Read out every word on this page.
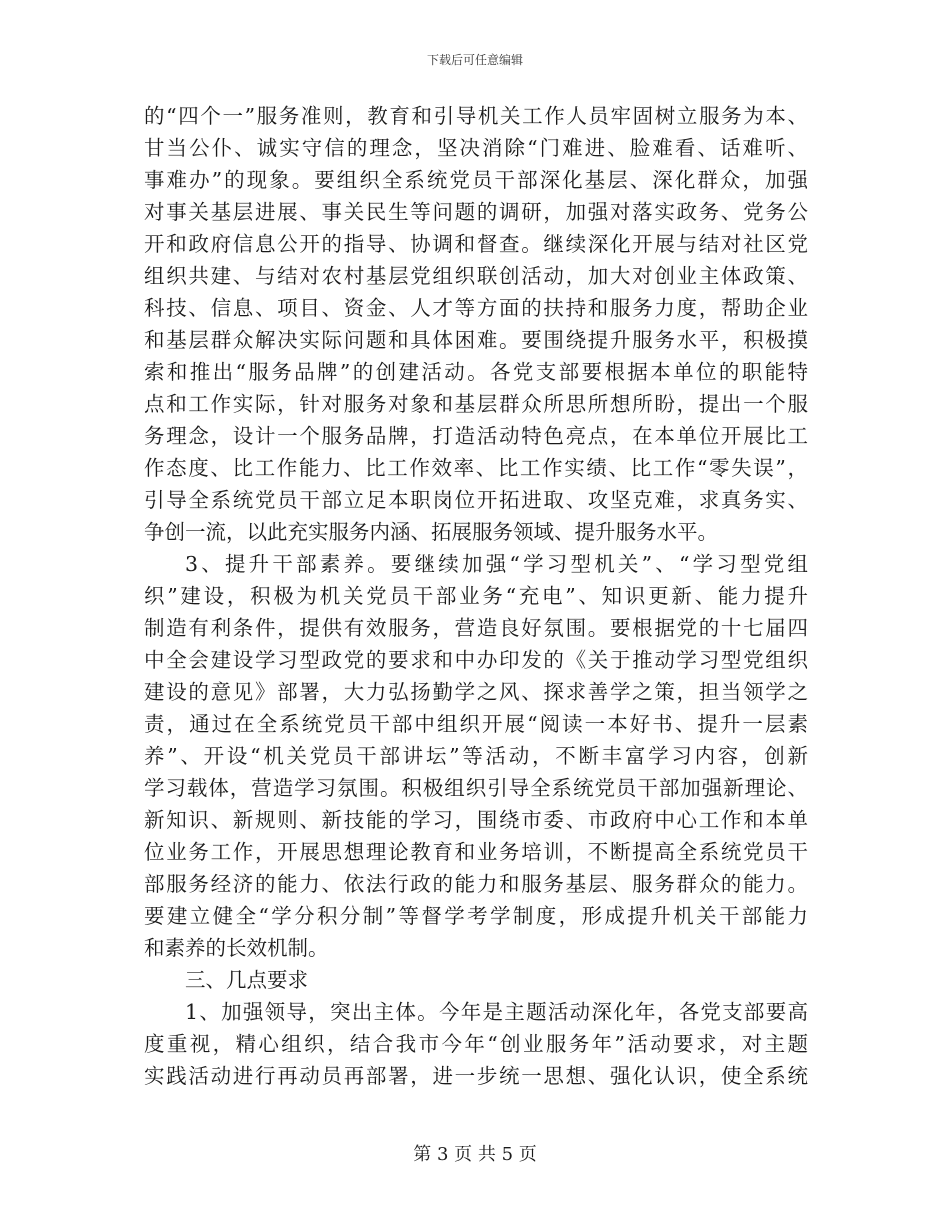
下载后可任意编辑
的“四个一”服务准则，教育和引导机关工作人员牢固树立服务为本、
甘当公仆、诚实守信的理念，坚决消除“门难进、脸难看、话难听、
事难办”的现象。要组织全系统党员干部深化基层、深化群众，加强
对事关基层进展、事关民生等问题的调研，加强对落实政务、党务公
开和政府信息公开的指导、协调和督查。继续深化开展与结对社区党
组织共建、与结对农村基层党组织联创活动，加大对创业主体政策、
科技、信息、项目、资金、人才等方面的扶持和服务力度，帮助企业
和基层群众解决实际问题和具体困难。要围绕提升服务水平，积极摸
索和推出“服务品牌”的创建活动。各党支部要根据本单位的职能特
点和工作实际，针对服务对象和基层群众所思所想所盼，提出一个服
务理念，设计一个服务品牌，打造活动特色亮点，在本单位开展比工
作态度、比工作能力、比工作效率、比工作实绩、比工作“零失误”，
引导全系统党员干部立足本职岗位开拓进取、攻坚克难，求真务实、
争创一流，以此充实服务内涵、拓展服务领域、提升服务水平。
3、提升干部素养。要继续加强“学习型机关”、“学习型党组
织”建设，积极为机关党员干部业务“充电”、知识更新、能力提升
制造有利条件，提供有效服务，营造良好氛围。要根据党的十七届四
中全会建设学习型政党的要求和中办印发的《关于推动学习型党组织
建设的意见》部署，大力弘扬勤学之风、探求善学之策，担当领学之
责，通过在全系统党员干部中组织开展“阅读一本好书、提升一层素
养”、开设“机关党员干部讲坛”等活动，不断丰富学习内容，创新
学习载体，营造学习氛围。积极组织引导全系统党员干部加强新理论、
新知识、新规则、新技能的学习，围绕市委、市政府中心工作和本单
位业务工作，开展思想理论教育和业务培训，不断提高全系统党员干
部服务经济的能力、依法行政的能力和服务基层、服务群众的能力。
要建立健全“学分积分制”等督学考学制度，形成提升机关干部能力
和素养的长效机制。
三、几点要求
1、加强领导，突出主体。今年是主题活动深化年，各党支部要高
度重视，精心组织，结合我市今年“创业服务年”活动要求，对主题
实践活动进行再动员再部署，进一步统一思想、强化认识，使全系统
第 3 页 共 5 页
